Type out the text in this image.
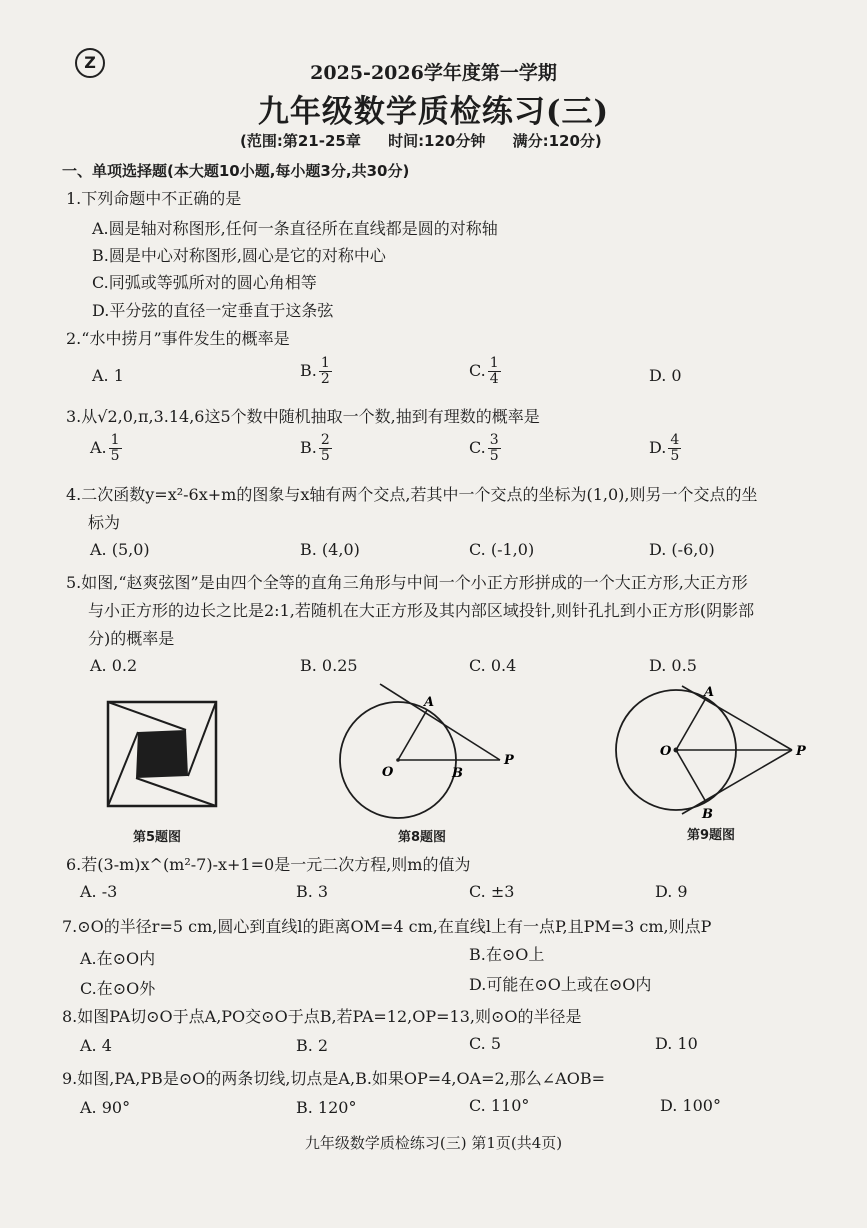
Z	2025-2026学年度第一学期
九年级数学质检练习(三)
(范围:第21-25章 时间:120分钟 满分:120分)
一、单项选择题(本大题10小题,每小题3分,共30分)
1.下列命题中不正确的是
A.圆是轴对称图形,任何一条直径所在直线都是圆的对称轴
B.圆是中心对称图形,圆心是它的对称中心
C.同弧或等弧所对的圆心角相等
D.平分弦的直径一定垂直于这条弦
2.“水中捞月”事件发生的概率是
A. 1	B. $\frac{1}{2}$	C. $\frac{1}{4}$	D. 0
3.从√2,0,π,3.14,6这5个数中随机抽取一个数,抽到有理数的概率是
A. $\frac{1}{5}$	B. $\frac{2}{5}$	C. $\frac{3}{5}$	D. $\frac{4}{5}$
4.二次函数y=x²-6x+m的图象与x轴有两个交点,若其中一个交点的坐标为(1,0),则另一个交点的坐
标为
A. (5,0)	B. (4,0)	C. (-1,0)	D. (-6,0)
5.如图,“赵爽弦图”是由四个全等的直角三角形与中间一个小正方形拼成的一个大正方形,大正方形
与小正方形的边长之比是2:1,若随机在大正方形及其内部区域投针,则针孔扎到小正方形(阴影部
分)的概率是
A. 0.2	B. 0.25	C. 0.4	D. 0.5
第5题图
A
B
O
P
第8题图
A
B
O	P
第9题图
6.若(3-m)x^(m²-7)-x+1=0是一元二次方程,则m的值为
A. -3	B. 3	C. ±3	D. 9
7.⊙O的半径r=5 cm,圆心到直线l的距离OM=4 cm,在直线l上有一点P,且PM=3 cm,则点P
A.在⊙O内	B.在⊙O上
C.在⊙O外	D.可能在⊙O上或在⊙O内
8.如图PA切⊙O于点A,PO交⊙O于点B,若PA=12,OP=13,则⊙O的半径是
A. 4	B. 2	C. 5	D. 10
9.如图,PA,PB是⊙O的两条切线,切点是A,B.如果OP=4,OA=2,那么∠AOB=
A. 90°	B. 120°	C. 110°	D. 100°
九年级数学质检练习(三) 第1页(共4页)
